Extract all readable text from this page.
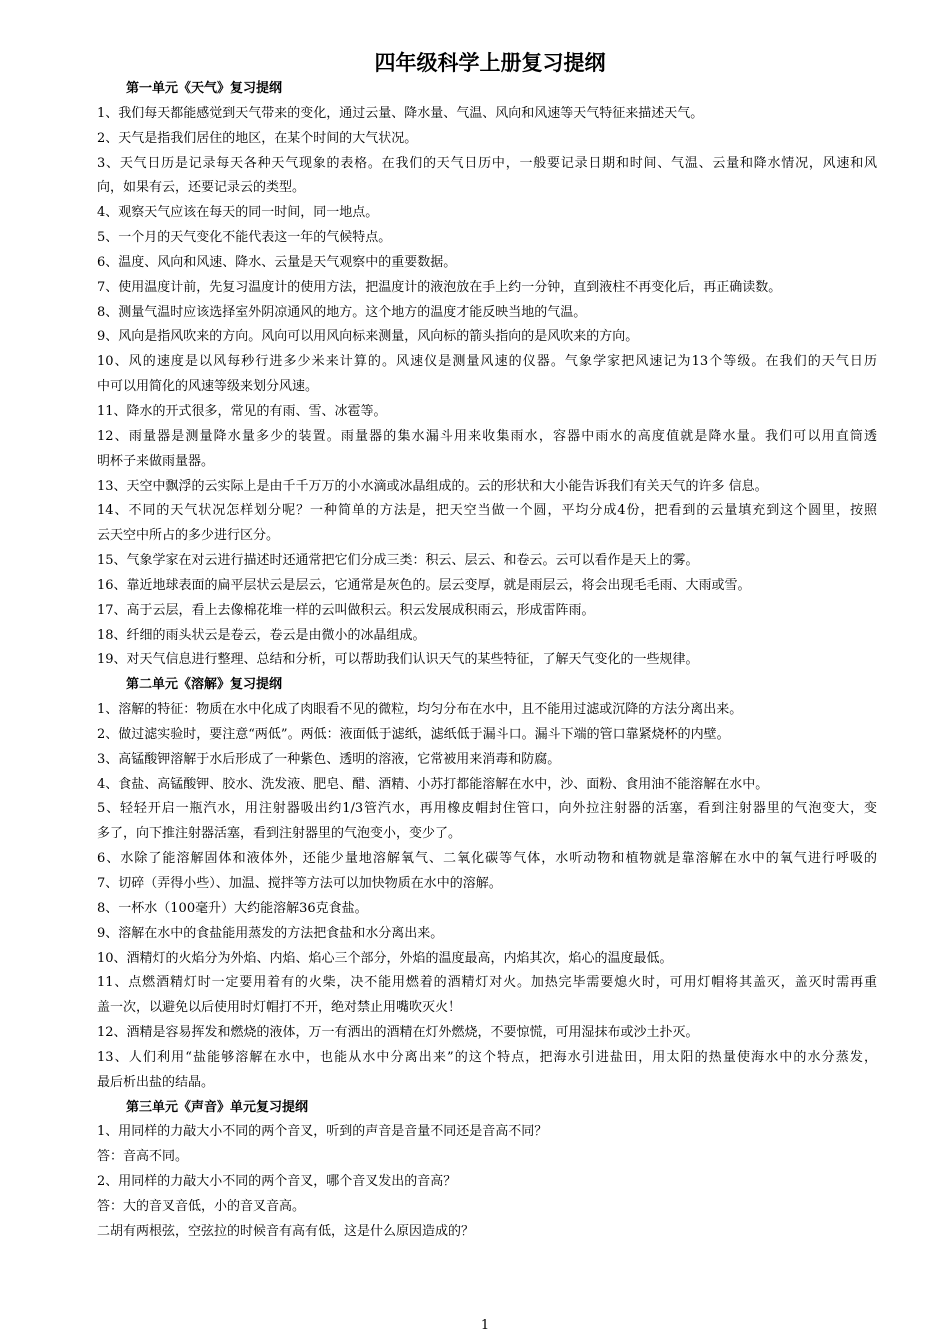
四年级科学上册复习提纲
第一单元《天气》复习提纲
1、我们每天都能感觉到天气带来的变化，通过云量、降水量、气温、风向和风速等天气特征来描述天气。
2、天气是指我们居住的地区，在某个时间的大气状况。
3、天气日历是记录每天各种天气现象的表格。在我们的天气日历中，一般要记录日期和时间、气温、云量和降水情况，风速和风
向，如果有云，还要记录云的类型。
4、观察天气应该在每天的同一时间，同一地点。
5、一个月的天气变化不能代表这一年的气候特点。
6、温度、风向和风速、降水、云量是天气观察中的重要数据。
7、使用温度计前，先复习温度计的使用方法，把温度计的液泡放在手上约一分钟，直到液柱不再变化后，再正确读数。
8、测量气温时应该选择室外阴凉通风的地方。这个地方的温度才能反映当地的气温。
9、风向是指风吹来的方向。风向可以用风向标来测量，风向标的箭头指向的是风吹来的方向。
10、风的速度是以风每秒行进多少米来计算的。风速仪是测量风速的仪器。气象学家把风速记为13个等级。在我们的天气日历
中可以用简化的风速等级来划分风速。
11、降水的开式很多，常见的有雨、雪、冰雹等。
12、雨量器是测量降水量多少的装置。雨量器的集水漏斗用来收集雨水，容器中雨水的高度值就是降水量。我们可以用直筒透
明杯子来做雨量器。
13、天空中飘浮的云实际上是由千千万万的小水滴或冰晶组成的。云的形状和大小能告诉我们有关天气的许多 信息。
14、不同的天气状况怎样划分呢？一种简单的方法是，把天空当做一个圆，平均分成4份，把看到的云量填充到这个圆里，按照
云天空中所占的多少进行区分。
15、气象学家在对云进行描述时还通常把它们分成三类：积云、层云、和卷云。云可以看作是天上的雾。
16、靠近地球表面的扁平层状云是层云，它通常是灰色的。层云变厚，就是雨层云，将会出现毛毛雨、大雨或雪。
17、高于云层，看上去像棉花堆一样的云叫做积云。积云发展成积雨云，形成雷阵雨。
18、纤细的雨头状云是卷云，卷云是由微小的冰晶组成。
19、对天气信息进行整理、总结和分析，可以帮助我们认识天气的某些特征，了解天气变化的一些规律。
第二单元《溶解》复习提纲
1、溶解的特征：物质在水中化成了肉眼看不见的微粒，均匀分布在水中，且不能用过滤或沉降的方法分离出来。
2、做过滤实验时，要注意“两低”。两低：液面低于滤纸，滤纸低于漏斗口。漏斗下端的管口靠紧烧杯的内壁。
3、高锰酸钾溶解于水后形成了一种紫色、透明的溶液，它常被用来消毒和防腐。
4、食盐、高锰酸钾、胶水、洗发液、肥皂、醋、酒精、小苏打都能溶解在水中，沙、面粉、食用油不能溶解在水中。
5、轻轻开启一瓶汽水，用注射器吸出约1/3管汽水，再用橡皮帽封住管口，向外拉注射器的活塞，看到注射器里的气泡变大，变
多了，向下推注射器活塞，看到注射器里的气泡变小，变少了。
6、水除了能溶解固体和液体外，还能少量地溶解氧气、二氧化碳等气体，水听动物和植物就是靠溶解在水中的氧气进行呼吸的
7、切碎（弄得小些）、加温、搅拌等方法可以加快物质在水中的溶解。
8、一杯水（100毫升）大约能溶解36克食盐。
9、溶解在水中的食盐能用蒸发的方法把食盐和水分离出来。
10、酒精灯的火焰分为外焰、内焰、焰心三个部分，外焰的温度最高，内焰其次，焰心的温度最低。
11、点燃酒精灯时一定要用着有的火柴，决不能用燃着的酒精灯对火。加热完毕需要熄火时，可用灯帽将其盖灭，盖灭时需再重
盖一次，以避免以后使用时灯帽打不开，绝对禁止用嘴吹灭火！
12、酒精是容易挥发和燃烧的液体，万一有洒出的酒精在灯外燃烧，不要惊慌，可用湿抹布或沙土扑灭。
13、人们利用“盐能够溶解在水中，也能从水中分离出来”的这个特点，把海水引进盐田，用太阳的热量使海水中的水分蒸发，
最后析出盐的结晶。
第三单元《声音》单元复习提纲
1、用同样的力敲大小不同的两个音叉，听到的声音是音量不同还是音高不同？
答：音高不同。
2、用同样的力敲大小不同的两个音叉，哪个音叉发出的音高？
答：大的音叉音低，小的音叉音高。
二胡有两根弦，空弦拉的时候音有高有低，这是什么原因造成的？
1
